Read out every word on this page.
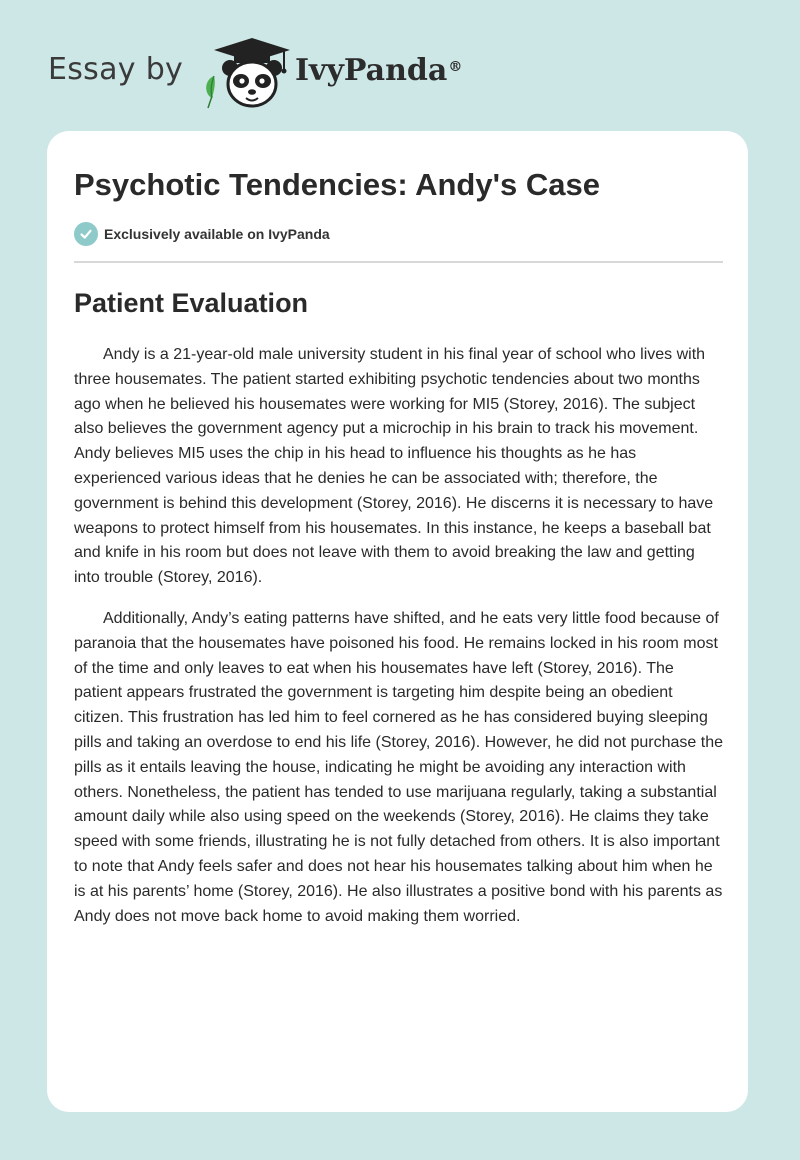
Essay by	IvyPanda®
Psychotic Tendencies: Andy's Case
Exclusively available on IvyPanda
Patient Evaluation

Andy is a 21-year-old male university student in his final year of school who lives with three housemates. The patient started exhibiting psychotic tendencies about two months ago when he believed his housemates were working for MI5 (Storey, 2016). The subject also believes the government agency put a microchip in his brain to track his movement. Andy believes MI5 uses the chip in his head to influence his thoughts as he has experienced various ideas that he denies he can be associated with; therefore, the government is behind this development (Storey, 2016). He discerns it is necessary to have weapons to protect himself from his housemates. In this instance, he keeps a baseball bat and knife in his room but does not leave with them to avoid breaking the law and getting into trouble (Storey, 2016).

Additionally, Andy’s eating patterns have shifted, and he eats very little food because of paranoia that the housemates have poisoned his food. He remains locked in his room most of the time and only leaves to eat when his housemates have left (Storey, 2016). The patient appears frustrated the government is targeting him despite being an obedient citizen. This frustration has led him to feel cornered as he has considered buying sleeping pills and taking an overdose to end his life (Storey, 2016). However, he did not purchase the pills as it entails leaving the house, indicating he might be avoiding any interaction with others. Nonetheless, the patient has tended to use marijuana regularly, taking a substantial amount daily while also using speed on the weekends (Storey, 2016). He claims they take speed with some friends, illustrating he is not fully detached from others. It is also important to note that Andy feels safer and does not hear his housemates talking about him when he is at his parents’ home (Storey, 2016). He also illustrates a positive bond with his parents as Andy does not move back home to avoid making them worried.
